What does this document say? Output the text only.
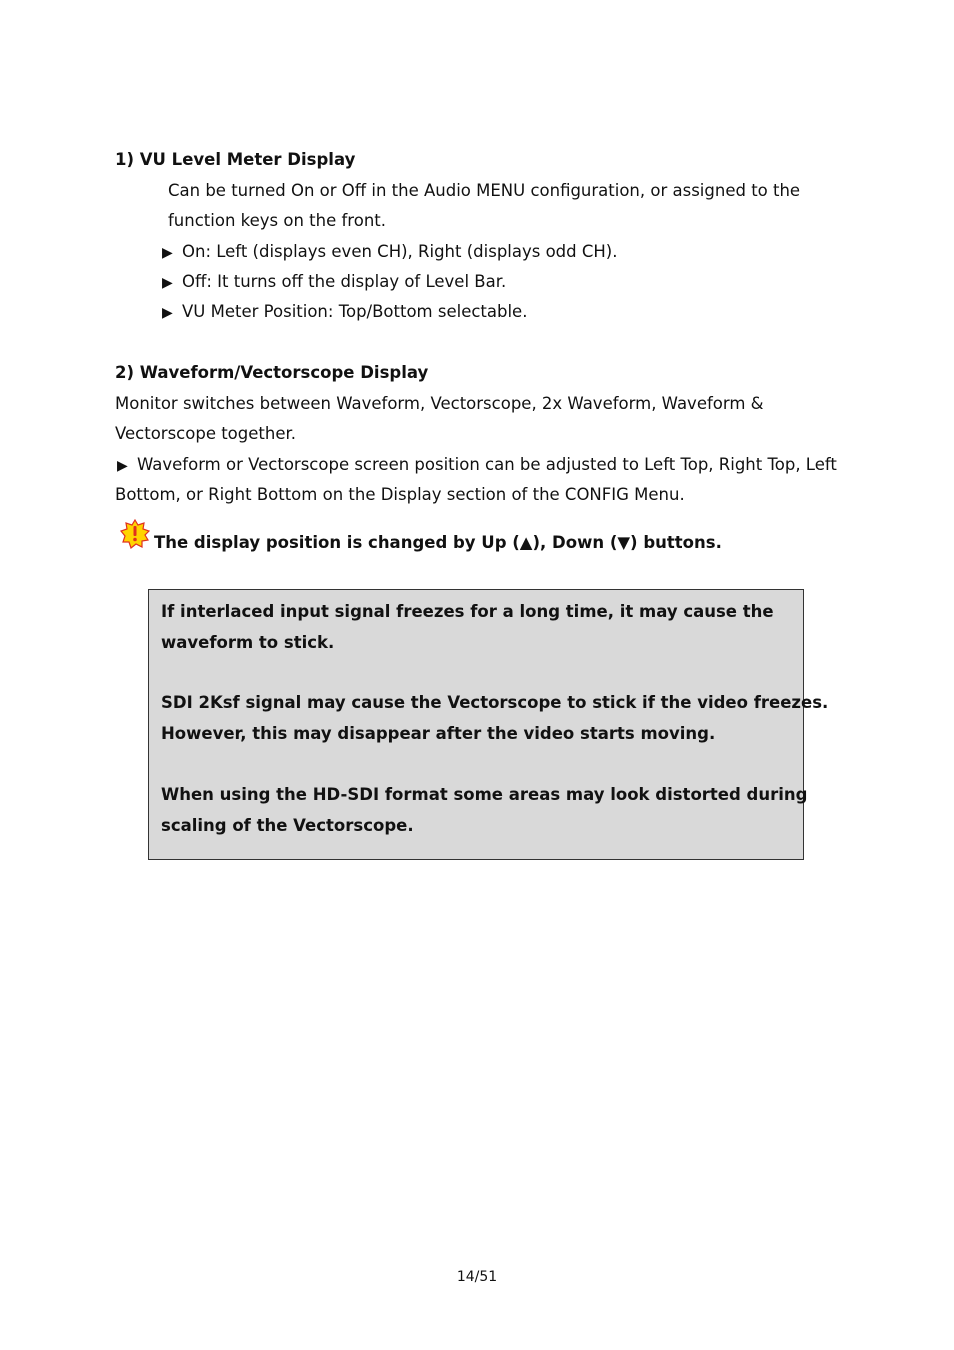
1) VU Level Meter Display
Can be turned On or Off in the Audio MENU configuration, or assigned to the
function keys on the front.
▶ On: Left (displays even CH), Right (displays odd CH).
▶ Off: It turns off the display of Level Bar.
▶ VU Meter Position: Top/Bottom selectable.
2) Waveform/Vectorscope Display
Monitor switches between Waveform, Vectorscope, 2x Waveform, Waveform &
Vectorscope together.
▶ Waveform or Vectorscope screen position can be adjusted to Left Top, Right Top, Left
Bottom, or Right Bottom on the Display section of the CONFIG Menu.
The display position is changed by Up (▲), Down (▼) buttons.
If interlaced input signal freezes for a long time, it may cause the
waveform to stick.
SDI 2Ksf signal may cause the Vectorscope to stick if the video freezes.
However, this may disappear after the video starts moving.
When using the HD-SDI format some areas may look distorted during
scaling of the Vectorscope.
14/51
